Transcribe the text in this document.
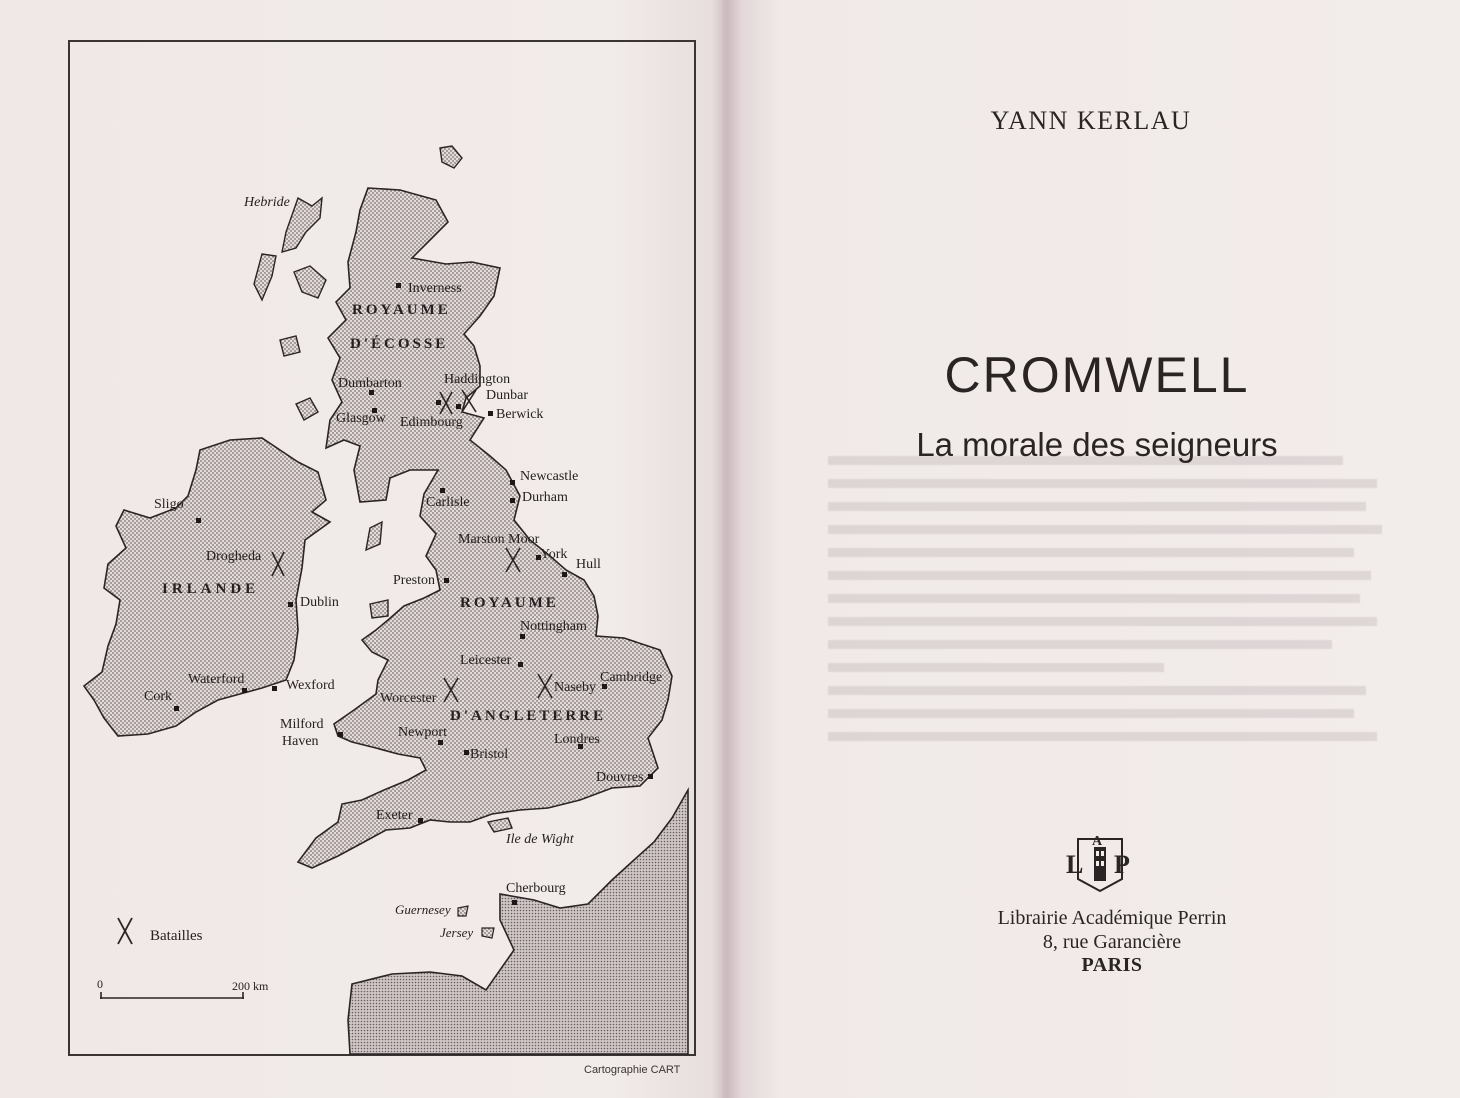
ROYAUME
D'ÉCOSSE
IRLANDE
ROYAUME
D'ANGLETERRE
Hebride
Inverness
Dumbarton	Haddington
Dunbar
Berwick
Glasgow Edimbourg
Newcastle
Carlisle	Durham
Sligo
Marston Moor
York
Hull
Drogheda
Preston
Dublin
Nottingham
Leicester
Cambridge
Naseby
Waterford	Wexford
Cork	Worcester
Milford
Haven
Newport
Bristol
Londres
Douvres
Exeter
Ile de Wight
Cherbourg
Guernesey
Jersey
Batailles
0	200 km
Cartographie CART
YANN KERLAU
CROMWELL
La morale des seigneurs
L
A
P
Librairie Académique Perrin
8, rue Garancière
PARIS
